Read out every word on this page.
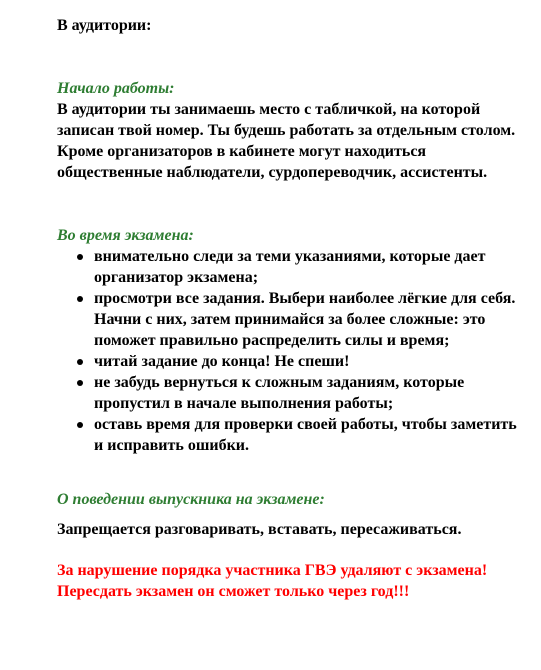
В аудитории:
Начало работы:
В аудитории ты занимаешь место с табличкой, на которой записан твой номер. Ты будешь работать за отдельным столом.
Кроме организаторов в кабинете могут находиться общественные наблюдатели, сурдопереводчик, ассистенты.
Во время экзамена:
внимательно следи за теми указаниями, которые дает организатор экзамена;
просмотри все задания. Выбери наиболее лёгкие для себя. Начни с них, затем принимайся за более сложные: это поможет правильно распределить силы и время;
читай задание до конца! Не спеши!
не забудь вернуться к сложным заданиям, которые пропустил в начале выполнения работы;
оставь время для проверки своей работы, чтобы заметить и исправить ошибки.
О поведении выпускника на экзамене:
Запрещается разговаривать, вставать, пересаживаться.
За нарушение порядка участника ГВЭ удаляют с экзамена! Пересдать экзамен он сможет только через год!!!
